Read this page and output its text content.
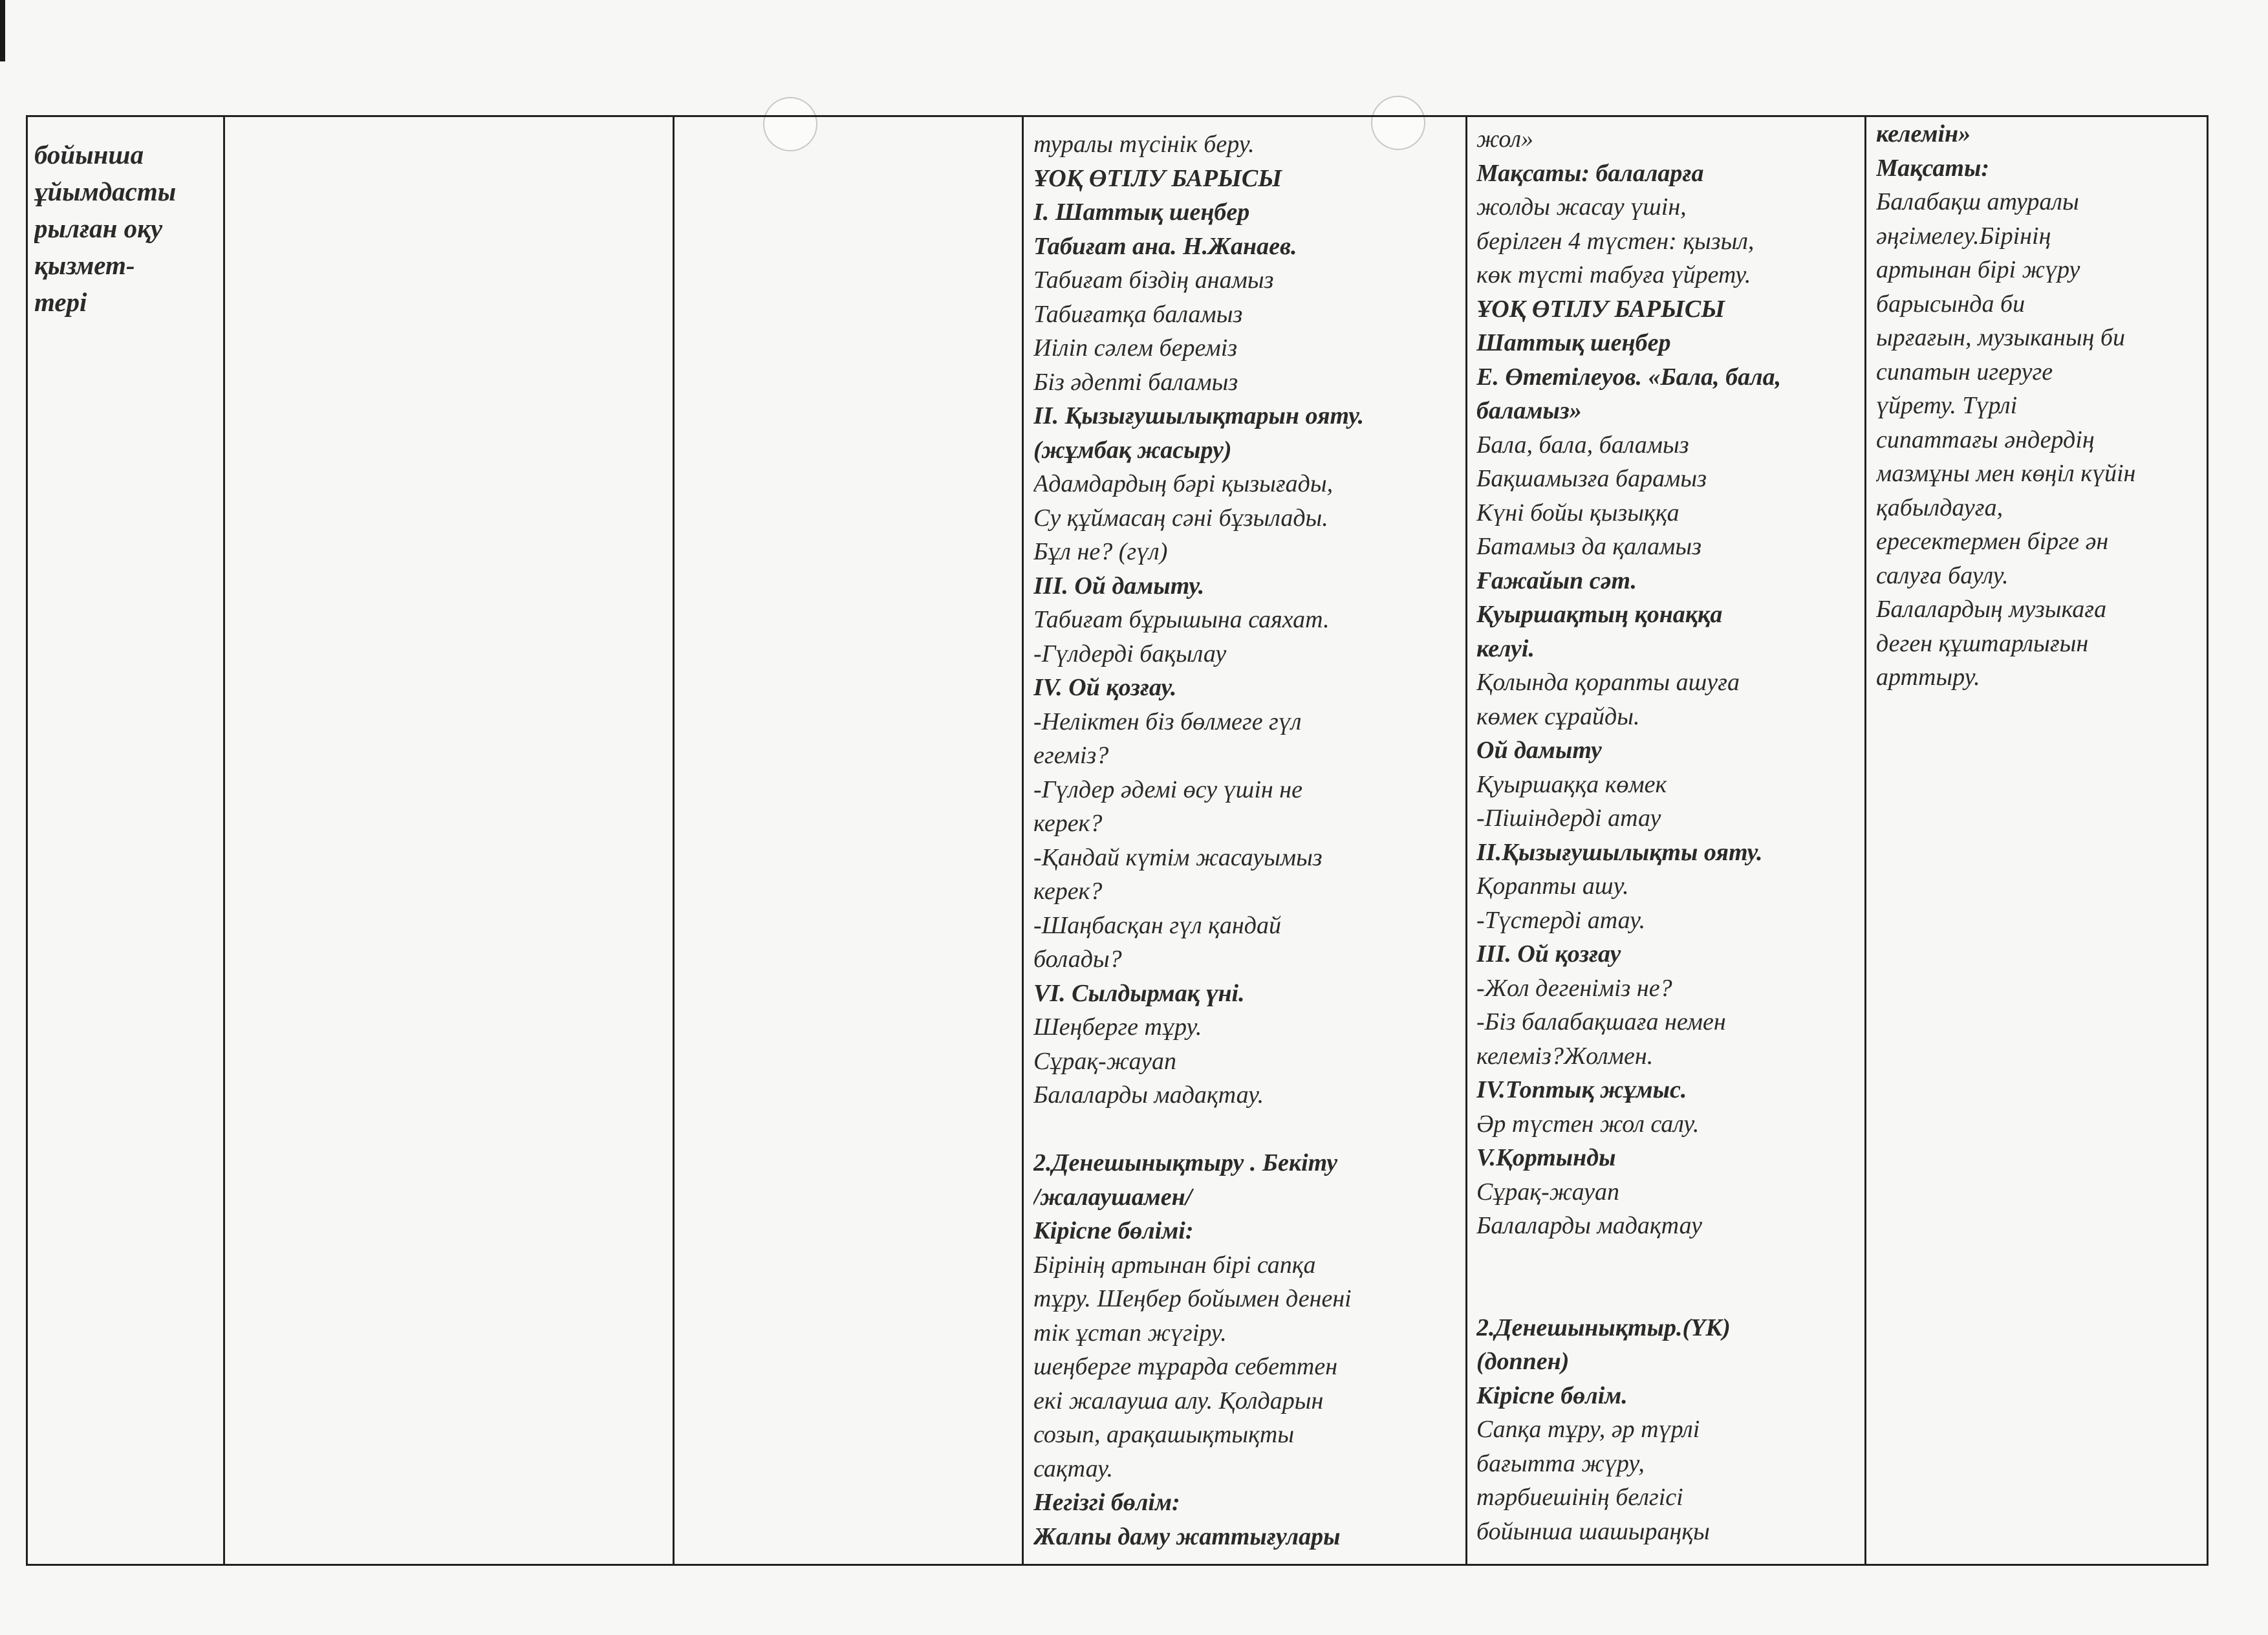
бойынша
ұйымдасты
рылған оқу
қызмет-
тері
туралы түсінік беру.
ҰОҚ ӨТІЛУ БАРЫСЫ
І. Шаттық шеңбер
Табиғат ана. Н.Жанаев.
Табиғат біздің анамыз
Табиғатқа баламыз
Иіліп сәлем береміз
Біз әдепті баламыз
ІІ. Қызығушылықтарын ояту.
(жұмбақ жасыру)
Адамдардың бәрі қызығады,
Су құймасаң сәні бұзылады.
Бұл не? (гүл)
ІІІ. Ой дамыту.
Табиғат бұрышына саяхат.
-Гүлдерді бақылау
ІV. Ой қозғау.
-Неліктен біз бөлмеге гүл
егеміз?
-Гүлдер әдемі өсу үшін не
керек?
-Қандай күтім жасауымыз
керек?
-Шаңбасқан гүл қандай
болады?
VІ. Сылдырмақ үні.
Шеңберге тұру.
Сұрақ-жауап
Балаларды мадақтау.
2.Денешынықтыру . Бекіту
/жалаушамен/
Кіріспе бөлімі:
Бірінің артынан бірі сапқа
тұру. Шеңбер бойымен денені
тік ұстап жүгіру.
шеңберге тұрарда себеттен
екі жалауша алу. Қолдарын
созып, арақашықтықты
сақтау.
Негізгі бөлім:
Жалпы даму жаттығулары
жол»
Мақсаты: балаларға
жолды жасау үшін,
берілген 4 түстен: қызыл,
көк түсті табуға үйрету.
ҰОҚ ӨТІЛУ БАРЫСЫ
Шаттық шеңбер
Е. Өтетілеуов. «Бала, бала,
баламыз»
Бала, бала, баламыз
Бақшамызға барамыз
Күні бойы қызыққа
Батамыз да қаламыз
Ғажайып сәт.
Қуыршақтың қонаққа
келуі.
Қолында қорапты ашуға
көмек сұрайды.
Ой дамыту
Қуыршаққа көмек
-Пішіндерді атау
ІІ.Қызығушылықты ояту.
Қорапты ашу.
-Түстерді атау.
ІІІ. Ой қозғау
-Жол дегеніміз не?
-Біз балабақшаға немен
келеміз?Жолмен.
ІV.Топтық жұмыс.
Әр түстен жол салу.
V.Қортынды
Сұрақ-жауап
Балаларды мадақтау
2.Денешынықтыр.(ҮК)
(доппен)
Кіріспе бөлім.
Сапқа тұру, әр түрлі
бағытта жүру,
тәрбиешінің белгісі
бойынша шашыраңқы
келемін»
Мақсаты:
Балабақш атуралы
әңгімелеу.Бірінің
артынан бірі жүру
барысында би
ырғағын, музыканың би
сипатын игеруге
үйрету. Түрлі
сипаттағы әндердің
мазмұны мен көңіл күйін
қабылдауға,
ересектермен бірге ән
салуға баулу.
Балалардың музыкаға
деген құштарлығын
арттыру.
